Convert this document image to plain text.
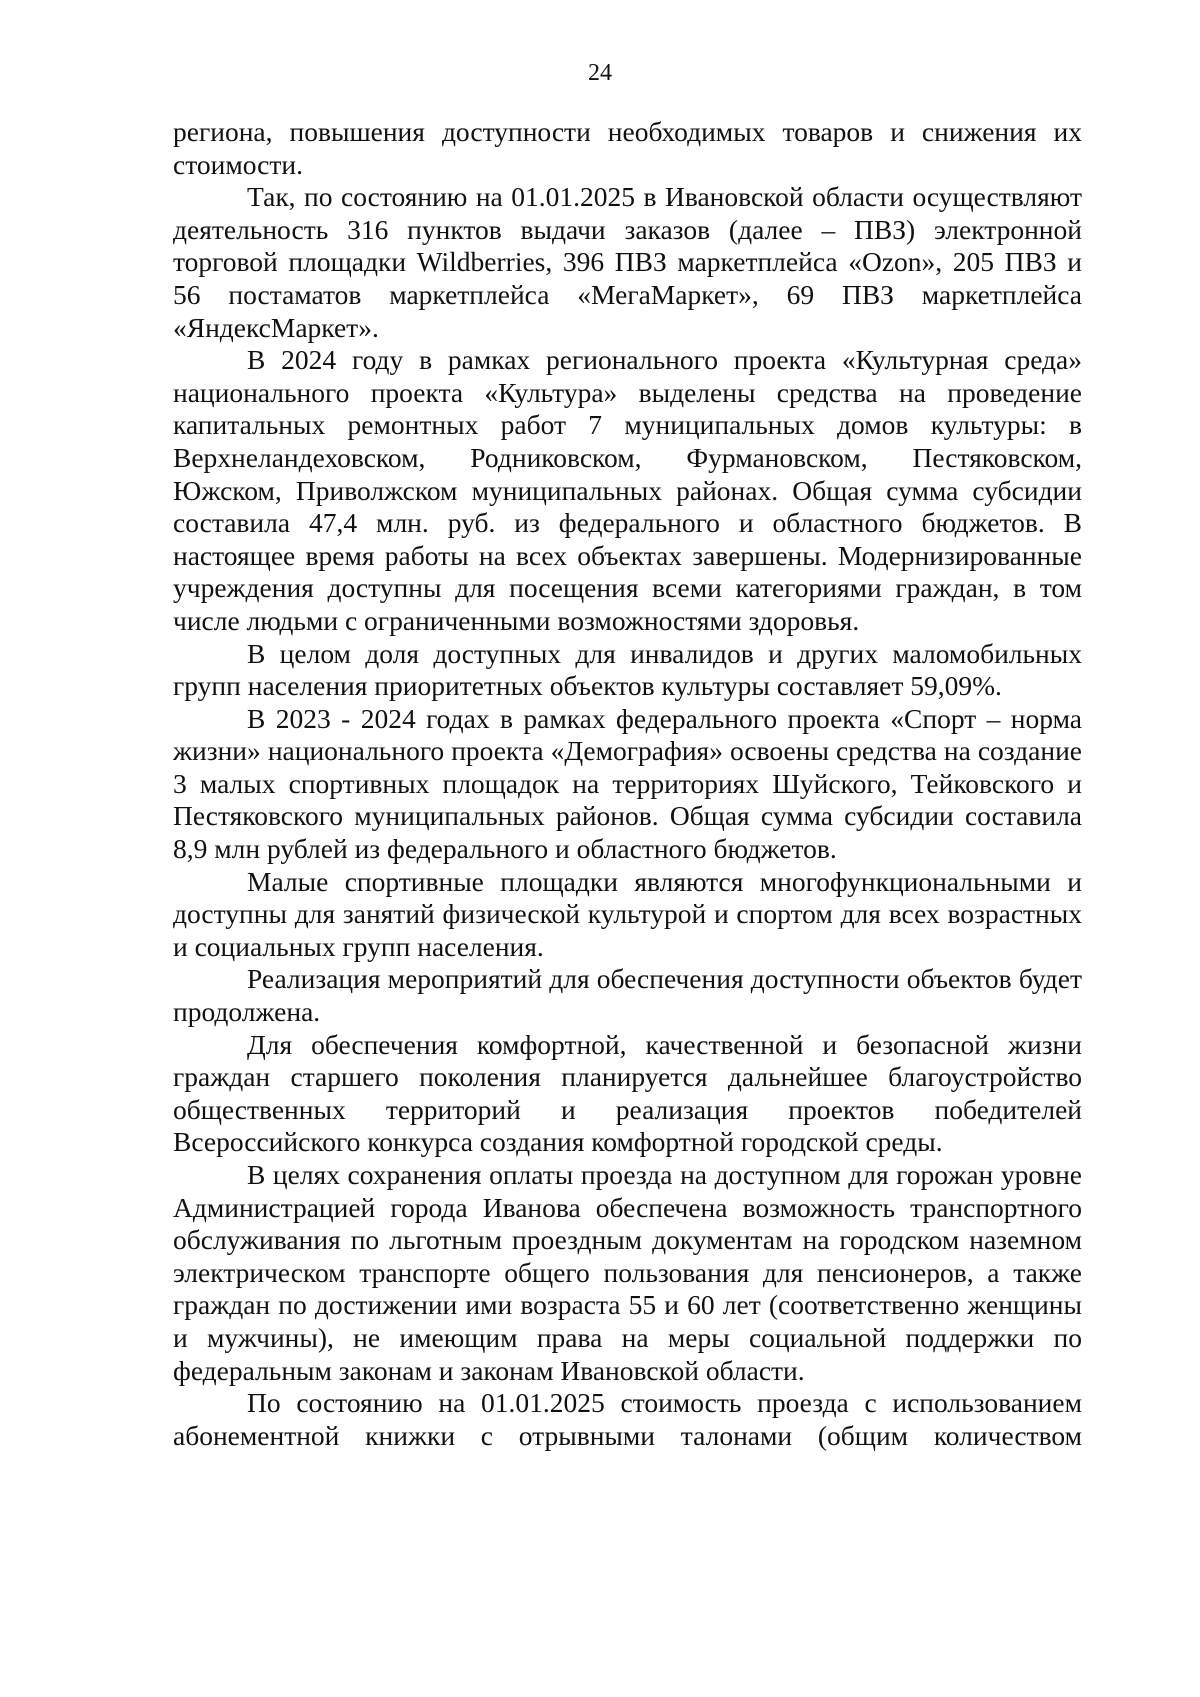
24

региона, повышения доступности необходимых товаров и снижения их стоимости.

Так, по состоянию на 01.01.2025 в Ивановской области осуществляют деятельность 316 пунктов выдачи заказов (далее – ПВЗ) электронной торговой площадки Wildberries, 396 ПВЗ маркетплейса «Ozon», 205 ПВЗ и 56 постаматов маркетплейса «МегаМаркет», 69 ПВЗ маркетплейса «ЯндексМаркет».

В 2024 году в рамках регионального проекта «Культурная среда» национального проекта «Культура» выделены средства на проведение капитальных ремонтных работ 7 муниципальных домов культуры: в Верхнеландеховском, Родниковском, Фурмановском, Пестяковском, Южском, Приволжском муниципальных районах. Общая сумма субсидии составила 47,4 млн. руб. из федерального и областного бюджетов. В настоящее время работы на всех объектах завершены. Модернизированные учреждения доступны для посещения всеми категориями граждан, в том числе людьми с ограниченными возможностями здоровья.

В целом доля доступных для инвалидов и других маломобильных групп населения приоритетных объектов культуры составляет 59,09%.

В 2023 - 2024 годах в рамках федерального проекта «Спорт – норма жизни» национального проекта «Демография» освоены средства на создание 3 малых спортивных площадок на территориях Шуйского, Тейковского и Пестяковского муниципальных районов. Общая сумма субсидии составила 8,9 млн рублей из федерального и областного бюджетов.

Малые спортивные площадки являются многофункциональными и доступны для занятий физической культурой и спортом для всех возрастных и социальных групп населения.

Реализация мероприятий для обеспечения доступности объектов будет продолжена.

Для обеспечения комфортной, качественной и безопасной жизни граждан старшего поколения планируется дальнейшее благоустройство общественных территорий и реализация проектов победителей Всероссийского конкурса создания комфортной городской среды.

В целях сохранения оплаты проезда на доступном для горожан уровне Администрацией города Иванова обеспечена возможность транспортного обслуживания по льготным проездным документам на городском наземном электрическом транспорте общего пользования для пенсионеров, а также граждан по достижении ими возраста 55 и 60 лет (соответственно женщины и мужчины), не имеющим права на меры социальной поддержки по федеральным законам и законам Ивановской области.

По состоянию на 01.01.2025 стоимость проезда с использованием абонементной книжки с отрывными талонами (общим количеством
